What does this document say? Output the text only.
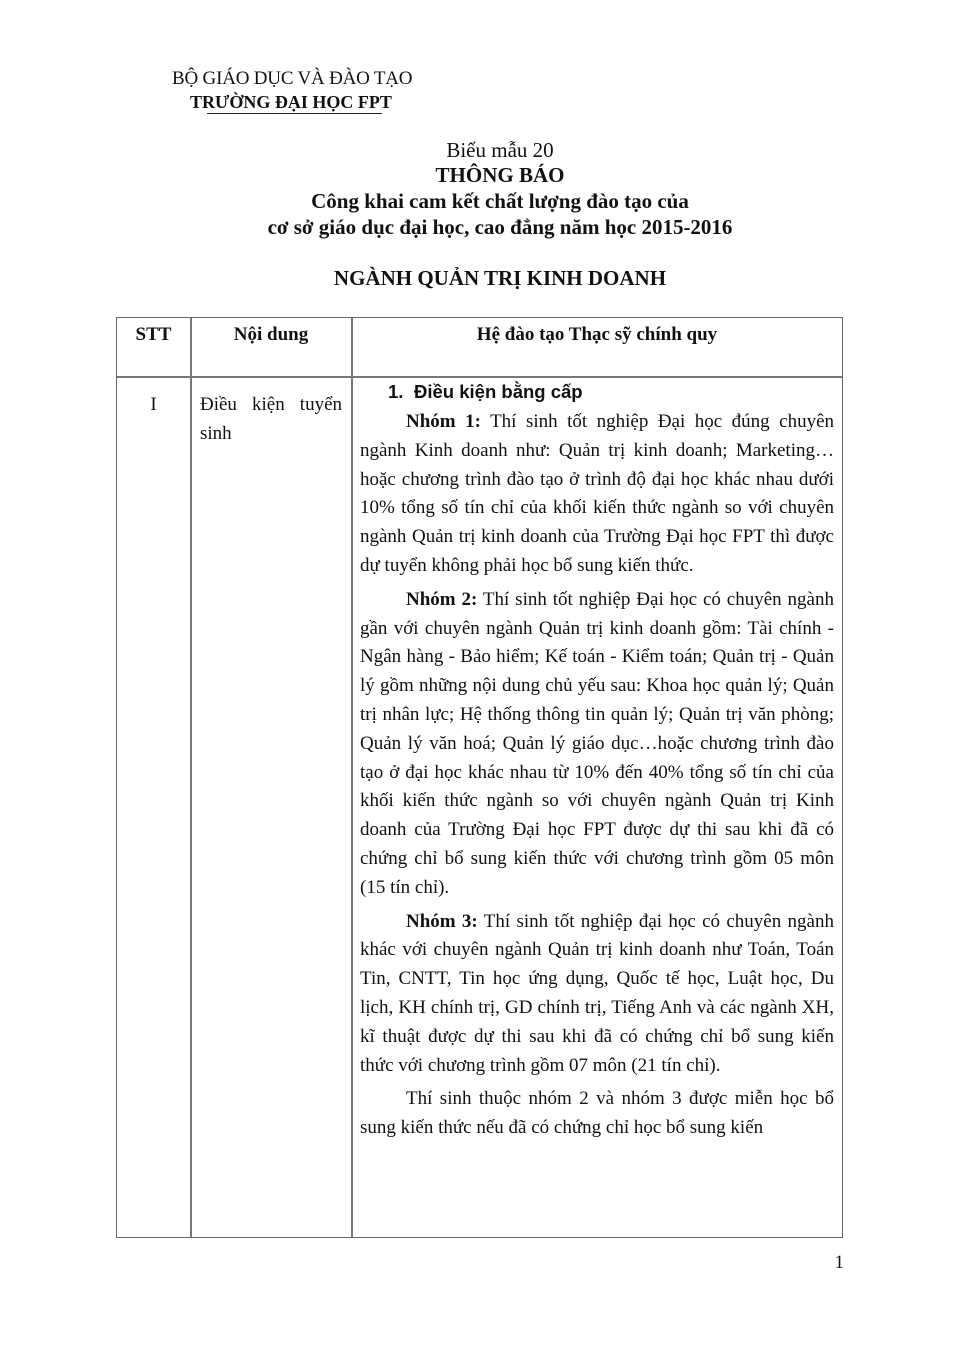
BỘ GIÁO DỤC VÀ ĐÀO TẠO
TRƯỜNG ĐẠI HỌC FPT
Biểu mẫu 20
THÔNG BÁO
Công khai cam kết chất lượng đào tạo của
cơ sở giáo dục đại học, cao đẳng năm học 2015-2016
NGÀNH QUẢN TRỊ KINH DOANH
STT	Nội dung	Hệ đào tạo Thạc sỹ chính quy
I	Điều kiện tuyển sinh
1. Điều kiện bằng cấp

Nhóm 1: Thí sinh tốt nghiệp Đại học đúng chuyên ngành Kinh doanh như: Quản trị kinh doanh; Marketing…hoặc chương trình đào tạo ở trình độ đại học khác nhau dưới 10% tổng số tín chỉ của khối kiến thức ngành so với chuyên ngành Quản trị kinh doanh của Trường Đại học FPT thì được dự tuyển không phải học bổ sung kiến thức.

Nhóm 2: Thí sinh tốt nghiệp Đại học có chuyên ngành gần với chuyên ngành Quản trị kinh doanh gồm: Tài chính - Ngân hàng - Bảo hiểm; Kế toán - Kiểm toán; Quản trị - Quản lý gồm những nội dung chủ yếu sau: Khoa học quản lý; Quản trị nhân lực; Hệ thống thông tin quản lý; Quản trị văn phòng; Quản lý văn hoá; Quản lý giáo dục…hoặc chương trình đào tạo ở đại học khác nhau từ 10% đến 40% tổng số tín chỉ của khối kiến thức ngành so với chuyên ngành Quản trị Kinh doanh của Trường Đại học FPT được dự thi sau khi đã có chứng chỉ bổ sung kiến thức với chương trình gồm 05 môn (15 tín chỉ).

Nhóm 3: Thí sinh tốt nghiệp đại học có chuyên ngành khác với chuyên ngành Quản trị kinh doanh như Toán, Toán Tin, CNTT, Tin học ứng dụng, Quốc tế học, Luật học, Du lịch, KH chính trị, GD chính trị, Tiếng Anh và các ngành XH, kĩ thuật được dự thi sau khi đã có chứng chỉ bổ sung kiến thức với chương trình gồm 07 môn (21 tín chỉ).

Thí sinh thuộc nhóm 2 và nhóm 3 được miễn học bổ sung kiến thức nếu đã có chứng chỉ học bổ sung kiến

1
